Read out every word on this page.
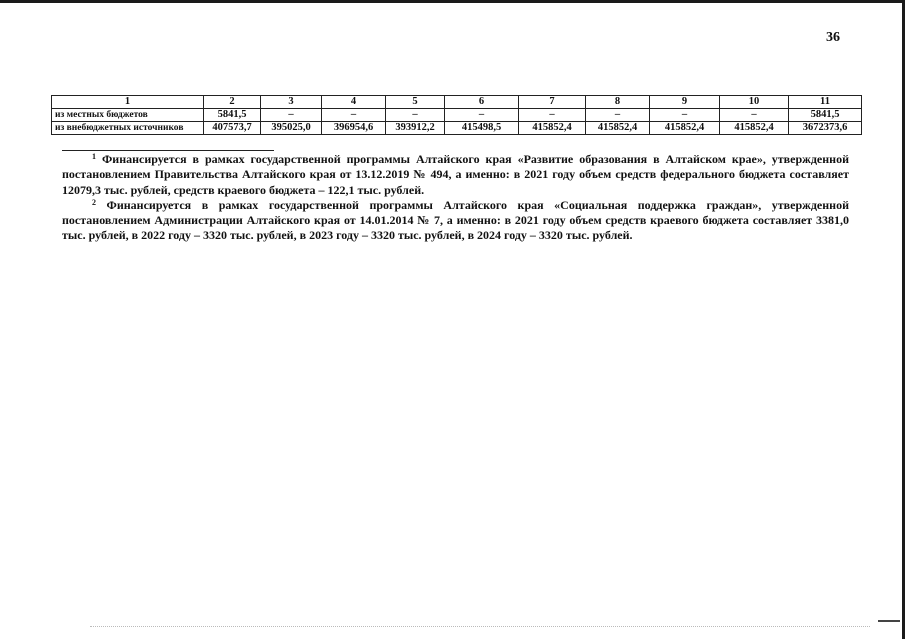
36
1	2	3	4	5	6	7	8	9	10	11
из местных бюджетов	5841,5	–	–	–	–	–	–	–	–	5841,5
из внебюджетных источников	407573,7	395025,0	396954,6	393912,2	415498,5	415852,4	415852,4	415852,4	415852,4	3672373,6

$^1$ Финансируется в рамках государственной программы Алтайского края «Развитие образования в Алтайском крае», утвержденной постановлением Правительства Алтайского края от 13.12.2019 № 494, а именно: в 2021 году объем средств федерального бюджета составляет 12079,3 тыс. рублей, средств краевого бюджета – 122,1 тыс. рублей.

$^2$ Финансируется в рамках государственной программы Алтайского края «Социальная поддержка граждан», утвержденной постановлением Администрации Алтайского края от 14.01.2014 № 7, а именно: в 2021 году объем средств краевого бюджета составляет 3381,0 тыс. рублей, в 2022 году – 3320 тыс. рублей, в 2023 году – 3320 тыс. рублей, в 2024 году – 3320 тыс. рублей.
